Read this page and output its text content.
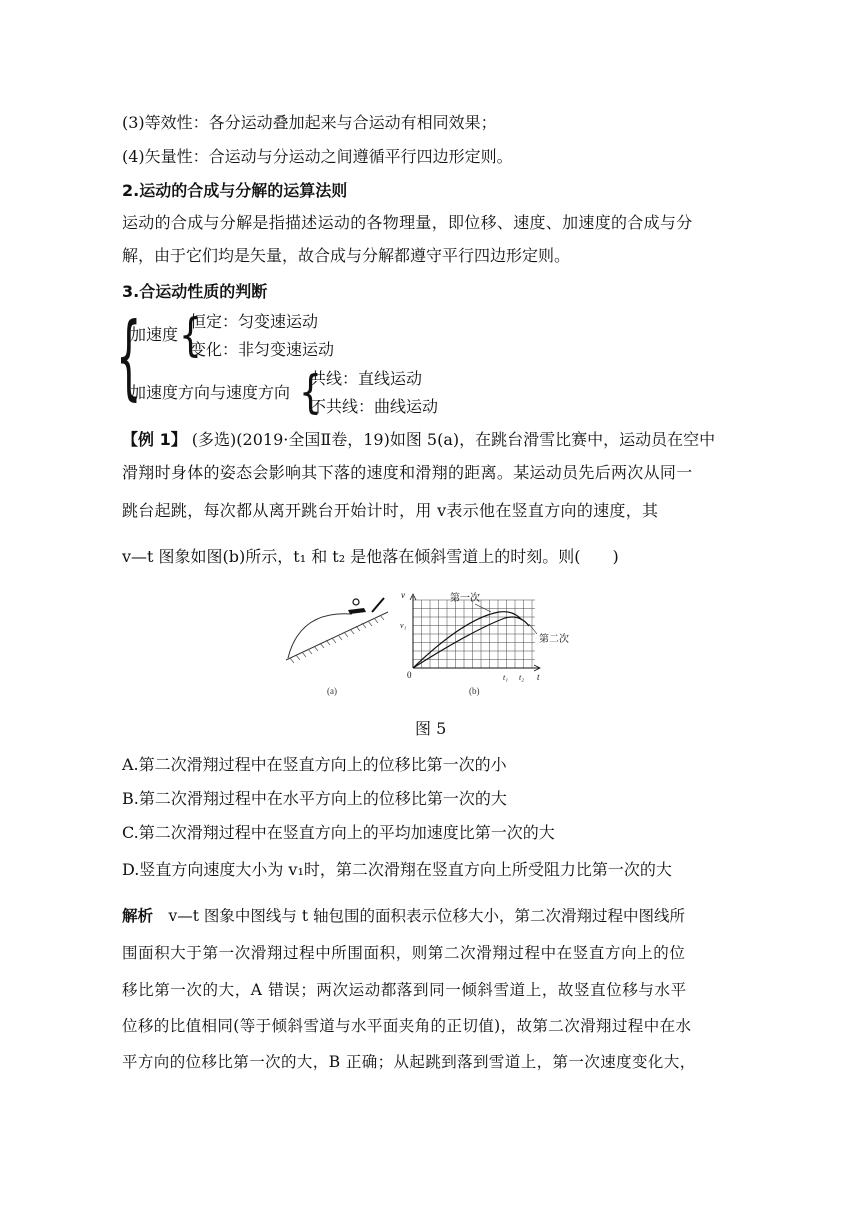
(3)等效性：各分运动叠加起来与合运动有相同效果；
(4)矢量性：合运动与分运动之间遵循平行四边形定则。
2.运动的合成与分解的运算法则
运动的合成与分解是指描述运动的各物理量，即位移、速度、加速度的合成与分
解，由于它们均是矢量，故合成与分解都遵守平行四边形定则。
3.合运动性质的判断
{
加速度 {
恒定：匀变速运动
变化：非匀变速运动
加速度方向与速度方向 {
共线：直线运动
不共线：曲线运动
【例 1】 (多选)(2019·全国Ⅱ卷，19)如图 5(a)，在跳台滑雪比赛中，运动员在空中
滑翔时身体的姿态会影响其下落的速度和滑翔的距离。某运动员先后两次从同一
跳台起跳，每次都从离开跳台开始计时，用 v表示他在竖直方向的速度，其
v—t 图象如图(b)所示，t₁ 和 t₂ 是他落在倾斜雪道上的时刻。则(　　)
(a)
v
v₁
0	t₁ t₂ t
第一次
第二次
(b)
图 5
A.第二次滑翔过程中在竖直方向上的位移比第一次的小
B.第二次滑翔过程中在水平方向上的位移比第一次的大
C.第二次滑翔过程中在竖直方向上的平均加速度比第一次的大
D.竖直方向速度大小为 v₁时，第二次滑翔在竖直方向上所受阻力比第一次的大
解析　v—t 图象中图线与 t 轴包围的面积表示位移大小，第二次滑翔过程中图线所
围面积大于第一次滑翔过程中所围面积，则第二次滑翔过程中在竖直方向上的位
移比第一次的大，A 错误；两次运动都落到同一倾斜雪道上，故竖直位移与水平
位移的比值相同(等于倾斜雪道与水平面夹角的正切值)，故第二次滑翔过程中在水
平方向的位移比第一次的大，B 正确；从起跳到落到雪道上，第一次速度变化大，
